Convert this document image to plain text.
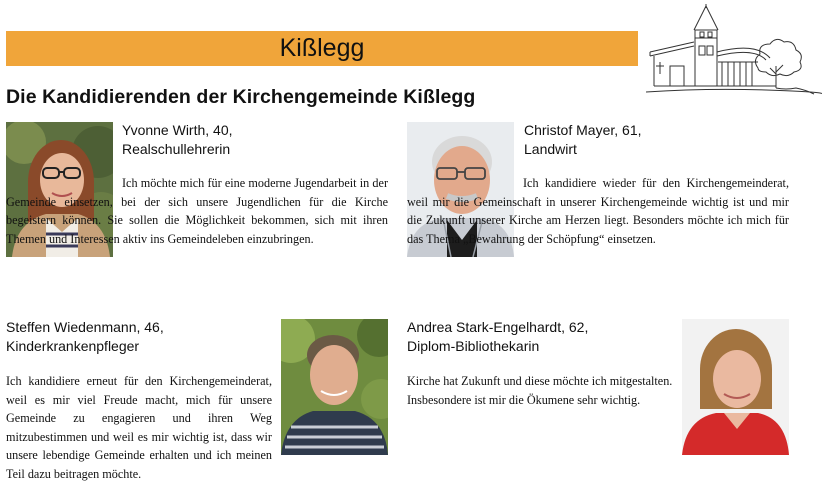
Kißlegg
Die Kandidierenden der Kirchengemeinde Kißlegg
Yvonne Wirth, 40,
Realschullehrerin

Ich möchte mich für eine moderne Jugendarbeit in der Gemeinde einsetzen, bei der sich unsere Jugendlichen für die Kirche begeistern können. Sie sollen die Möglichkeit bekommen, sich mit ihren Themen und Interessen aktiv ins Gemeindeleben einzubringen.

Christof Mayer, 61,
Landwirt

Ich kandidiere wieder für den Kirchengemeinderat, weil mir die Gemeinschaft in unserer Kirchengemeinde wichtig ist und mir die Zukunft unserer Kirche am Herzen liegt. Besonders möchte ich mich für das Thema „Bewahrung der Schöpfung“ einsetzen.

Steffen Wiedenmann, 46,
Kinderkrankenpfleger

Ich kandidiere erneut für den Kirchengemeinderat, weil es mir viel Freude macht, mich für unsere Gemeinde zu engagieren und ihren Weg mitzubestimmen und weil es mir wichtig ist, dass wir unsere lebendige Gemeinde erhalten und ich meinen Teil dazu beitragen möchte.

Andrea Stark-Engelhardt, 62,
Diplom-Bibliothekarin

Kirche hat Zukunft und diese möchte ich mitgestalten.
Insbesondere ist mir die Ökumene sehr wichtig.
